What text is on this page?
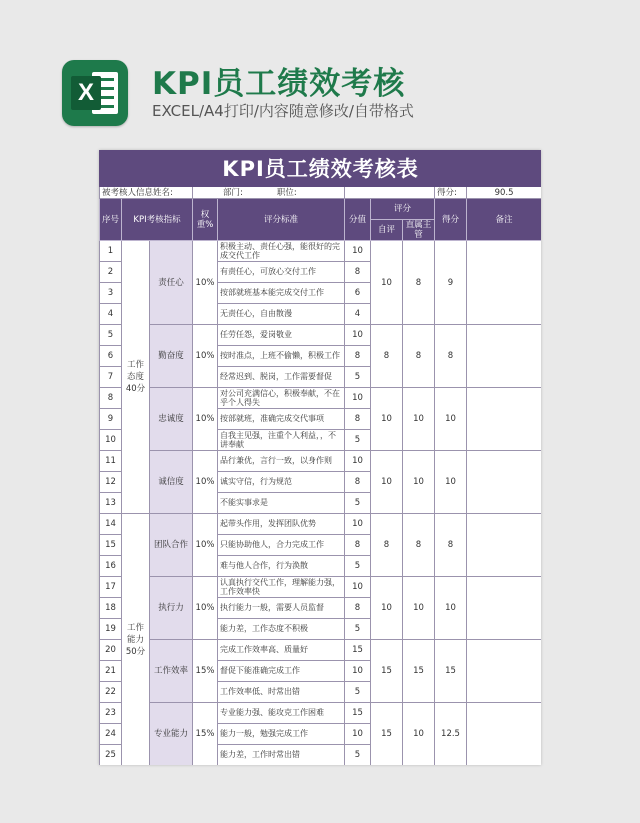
X KPI员工绩效考核
EXCEL/A4打印/内容随意修改/自带格式
KPI员工绩效考核表									
被考核人信息姓名:			部门: 职位:					得分:	90.5
序号	KPI考核指标		权重%	评分标准	分值	评分		得分	备注
						自评	直属主管		
1	工作态度40分	责任心	10%	积极主动、责任心强，能很好的完成交代工作	10	10	8	9	
2				有责任心，可放心交付工作	8				
3				按部就班基本能完成交付工作	6				
4				无责任心，自由散漫	4				
5		勤奋度	10%	任劳任怨，爱岗敬业	10	8	8	8	
6				按时准点，上班不偷懒，积极工作	8				
7				经常迟到、脱岗，工作需要督促	5				
8		忠诚度	10%	对公司充满信心，积极奉献，不在乎个人得失	10	10	10	10	
9				按部就班，准确完成交代事项	8				
10				自我主见强，注重个人利益，，不讲奉献	5				
11		诚信度	10%	品行兼优，言行一致，以身作则	10	10	10	10	
12				诚实守信，行为规范	8				
13				不能实事求是	5				
14	工作能力50分	团队合作	10%	起带头作用，发挥团队优势	10	8	8	8	
15				只能协助他人，合力完成工作	8				
16				难与他人合作，行为涣散	5				
17		执行力	10%	认真执行交代工作，理解能力强，工作效率快	10	10	10	10	
18				执行能力一般，需要人员监督	8				
19				能力差，工作态度不积极	5				
20		工作效率	15%	完成工作效率高、质量好	15	15	15	15	
21				督促下能准确完成工作	10				
22				工作效率低、时常出错	5				
23		专业能力	15%	专业能力强、能攻克工作困难	15	15	10	12.5	
24				能力一般，勉强完成工作	10				
25				能力差，工作时常出错	5				
